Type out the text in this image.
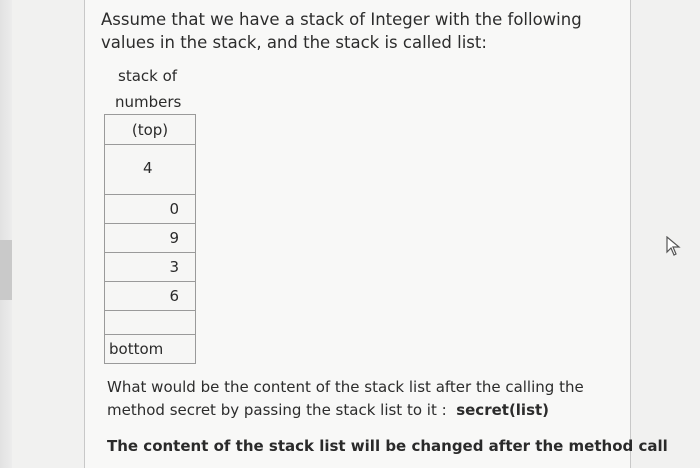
Assume that we have a stack of Integer with the following values in the stack, and the stack is called list:
stack of
numbers
(top)
4
0
9
3
6
bottom
What would be the content of the stack list after the calling the method secret by passing the stack list to it : secret(list)
The content of the stack list will be changed after the method call
